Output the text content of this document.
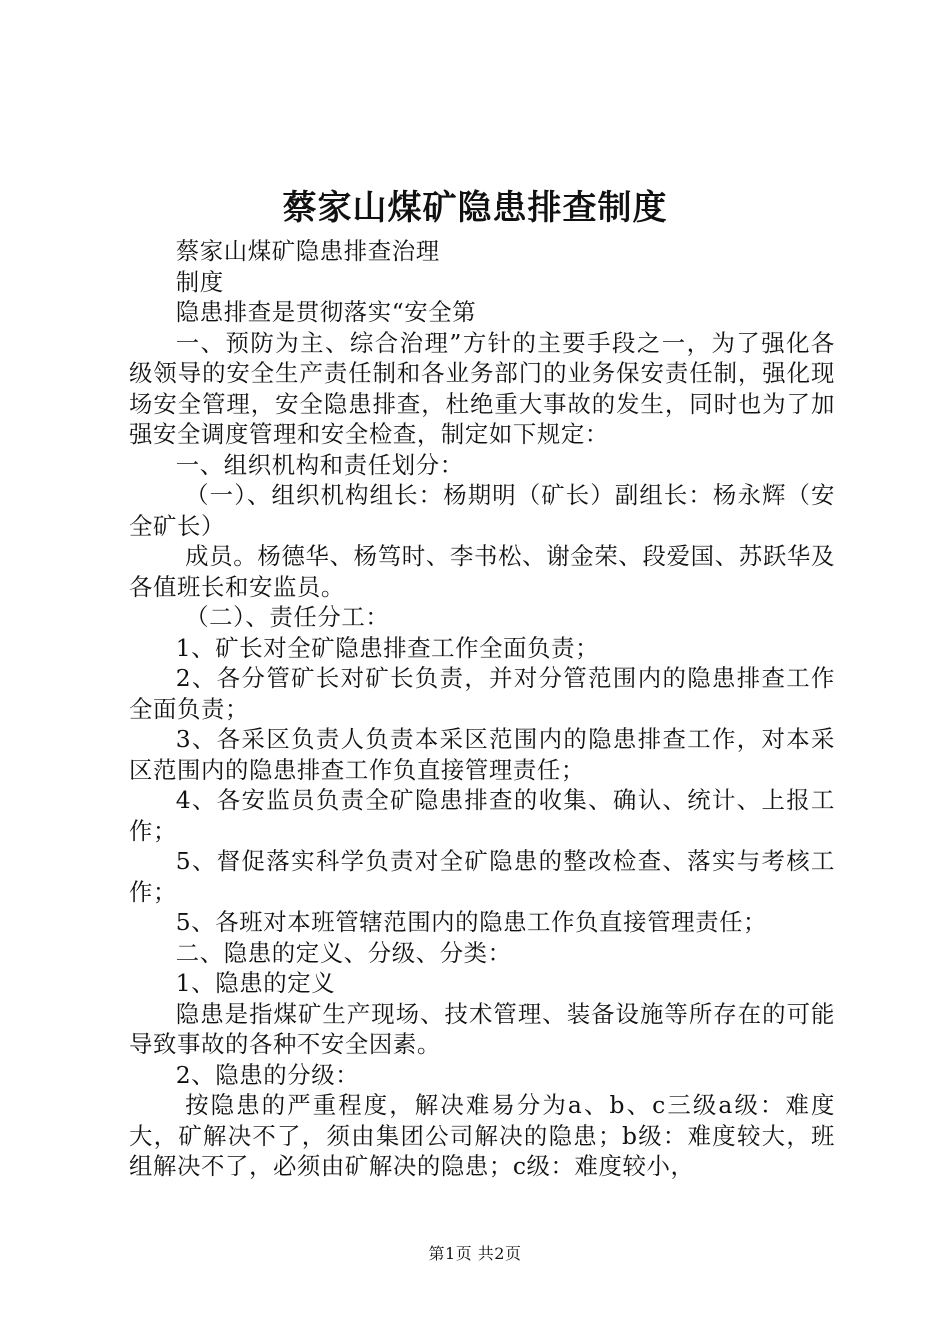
蔡家山煤矿隐患排查制度

蔡家山煤矿隐患排查治理

制度

隐患排查是贯彻落实“安全第

一、预防为主、综合治理”方针的主要手段之一，为了强化各级领导的安全生产责任制和各业务部门的业务保安责任制，强化现场安全管理，安全隐患排查，杜绝重大事故的发生，同时也为了加强安全调度管理和安全检查，制定如下规定：

一、组织机构和责任划分：

（一）、组织机构组长：杨期明（矿长）副组长：杨永辉（安全矿长）

成员。杨德华、杨笃时、李书松、谢金荣、段爱国、苏跃华及各值班长和安监员。

（二）、责任分工：

1、矿长对全矿隐患排查工作全面负责；

2、各分管矿长对矿长负责，并对分管范围内的隐患排查工作全面负责；

3、各采区负责人负责本采区范围内的隐患排查工作，对本采区范围内的隐患排查工作负直接管理责任；

4、各安监员负责全矿隐患排查的收集、确认、统计、上报工作；

5、督促落实科学负责对全矿隐患的整改检查、落实与考核工作；

5、各班对本班管辖范围内的隐患工作负直接管理责任；

二、隐患的定义、分级、分类：

1、隐患的定义

隐患是指煤矿生产现场、技术管理、装备设施等所存在的可能导致事故的各种不安全因素。

2、隐患的分级：

按隐患的严重程度，解决难易分为a、b、c三级a级：难度大，矿解决不了，须由集团公司解决的隐患；b级：难度较大，班组解决不了，必须由矿解决的隐患；c级：难度较小，

第1页 共2页
